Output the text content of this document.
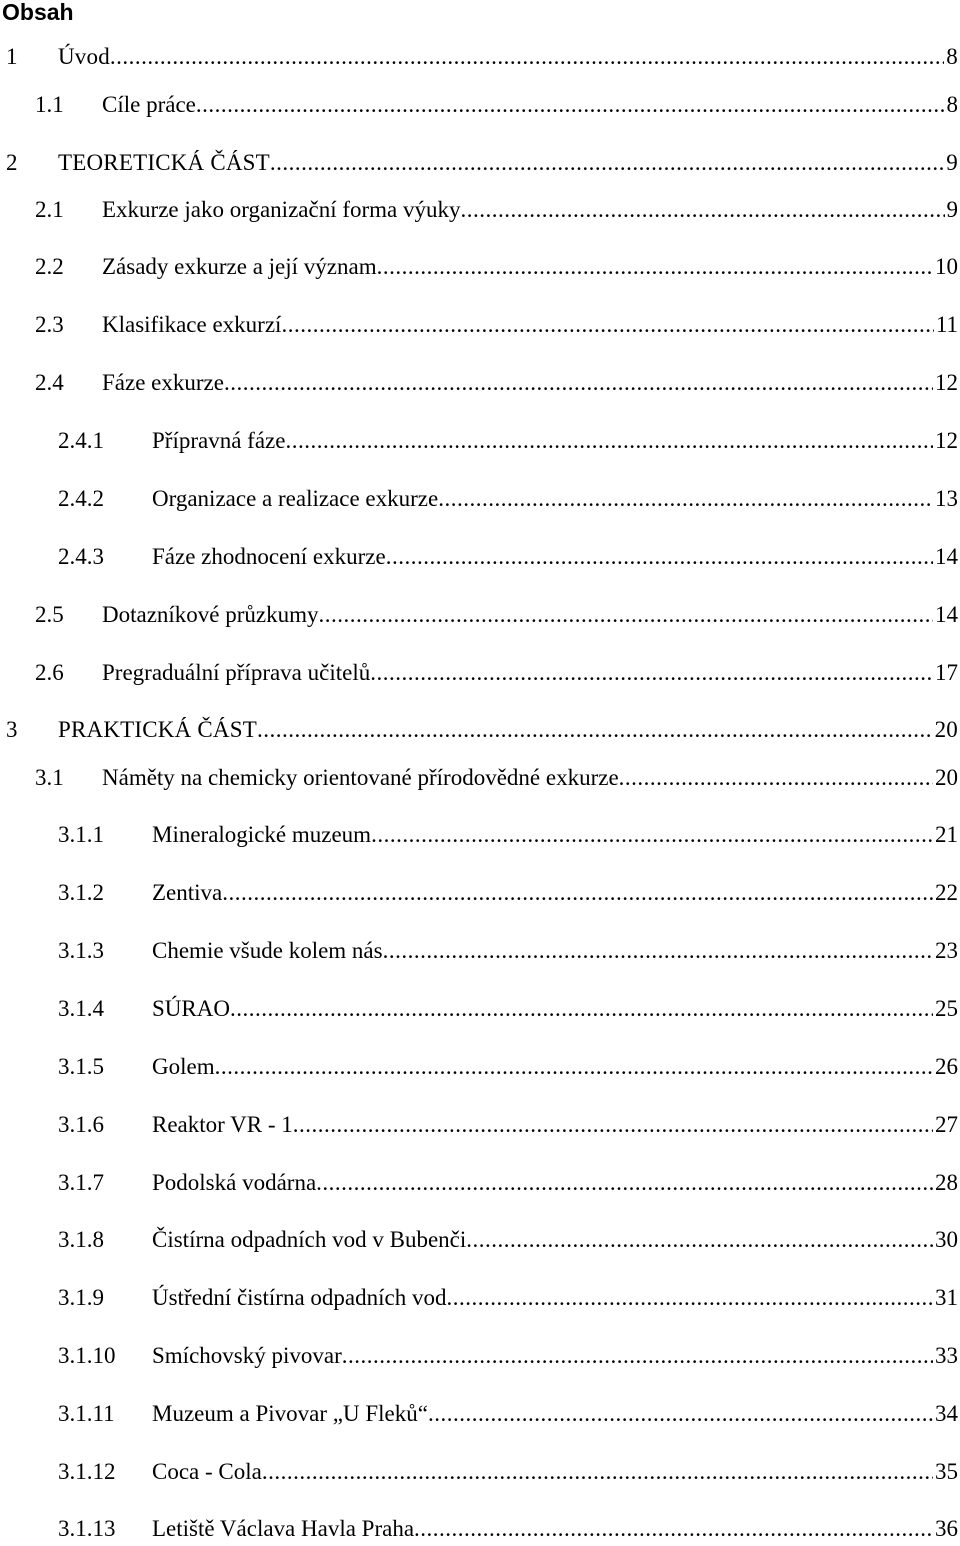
Obsah
1 Úvod .....	8
1.1 Cíle práce .....	8
2 TEORETICKÁ ČÁST .....	9
2.1 Exkurze jako organizační forma výuky .....	9
2.2 Zásady exkurze a její význam .....	10
2.3 Klasifikace exkurzí .....	11
2.4 Fáze exkurze .....	12
2.4.1 Přípravná fáze .....	12
2.4.2 Organizace a realizace exkurze .....	13
2.4.3 Fáze zhodnocení exkurze .....	14
2.5 Dotazníkové průzkumy .....	14
2.6 Pregraduální příprava učitelů .....	17
3 PRAKTICKÁ ČÁST .....	20
3.1 Náměty na chemicky orientované přírodovědné exkurze .....	20
3.1.1 Mineralogické muzeum .....	21
3.1.2 Zentiva .....	22
3.1.3 Chemie všude kolem nás .....	23
3.1.4 SÚRAO .....	25
3.1.5 Golem .....	26
3.1.6 Reaktor VR - 1 .....	27
3.1.7 Podolská vodárna .....	28
3.1.8 Čistírna odpadních vod v Bubenči .....	30
3.1.9 Ústřední čistírna odpadních vod .....	31
3.1.10 Smíchovský pivovar .....	33
3.1.11 Muzeum a Pivovar „U Fleků“ .....	34
3.1.12 Coca - Cola .....	35
3.1.13 Letiště Václava Havla Praha .....	36
